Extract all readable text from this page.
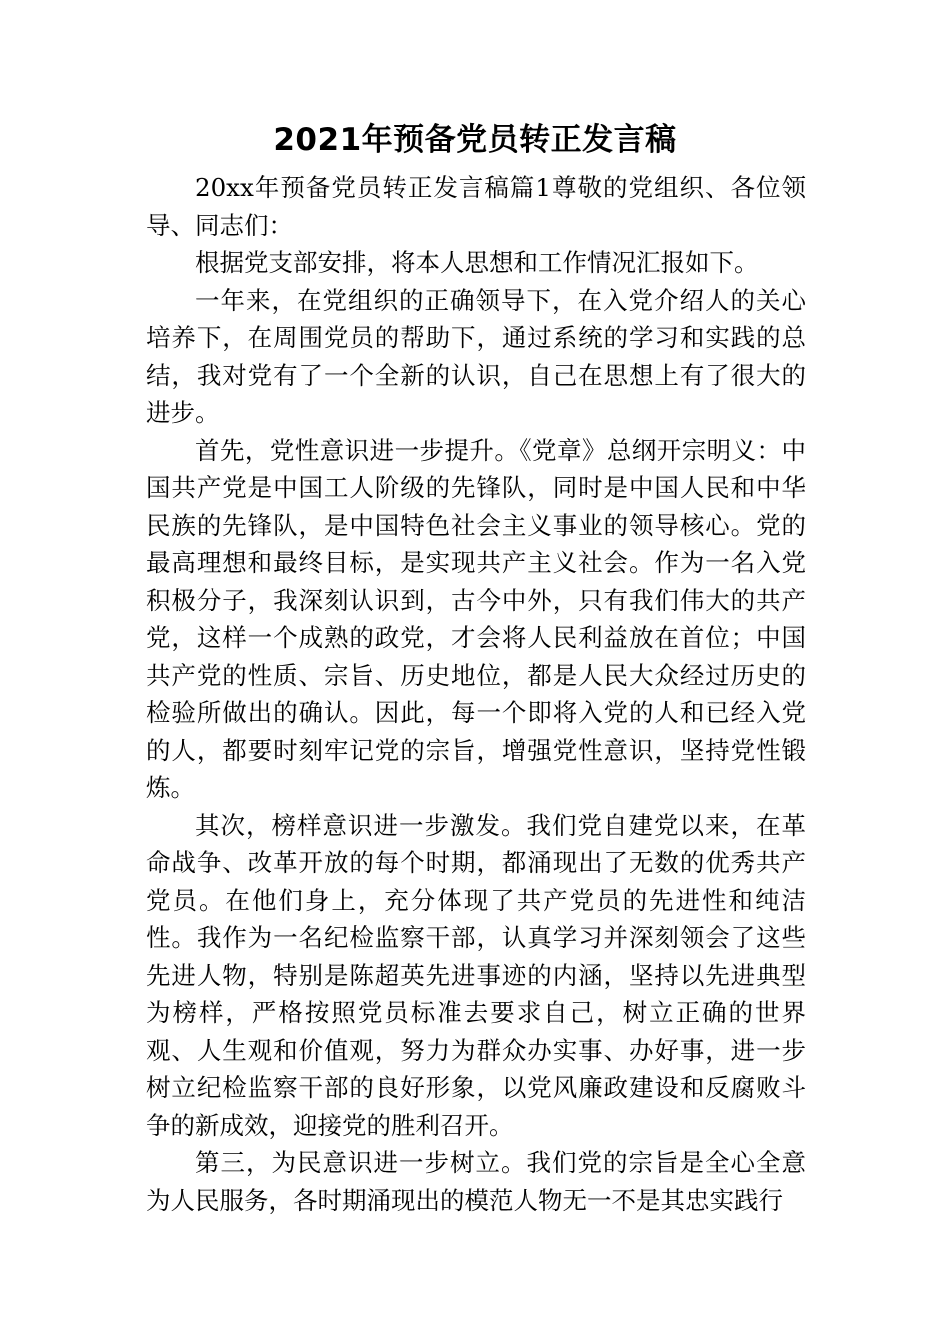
2021年预备党员转正发言稿

20xx年预备党员转正发言稿篇1尊敬的党组织、各位领导、同志们：

根据党支部安排，将本人思想和工作情况汇报如下。

一年来，在党组织的正确领导下，在入党介绍人的关心培养下，在周围党员的帮助下，通过系统的学习和实践的总结，我对党有了一个全新的认识，自己在思想上有了很大的进步。

首先，党性意识进一步提升。《党章》总纲开宗明义：中国共产党是中国工人阶级的先锋队，同时是中国人民和中华民族的先锋队，是中国特色社会主义事业的领导核心。党的最高理想和最终目标，是实现共产主义社会。作为一名入党积极分子，我深刻认识到，古今中外，只有我们伟大的共产党，这样一个成熟的政党，才会将人民利益放在首位；中国共产党的性质、宗旨、历史地位，都是人民大众经过历史的检验所做出的确认。因此，每一个即将入党的人和已经入党的人，都要时刻牢记党的宗旨，增强党性意识，坚持党性锻炼。

其次，榜样意识进一步激发。我们党自建党以来，在革命战争、改革开放的每个时期，都涌现出了无数的优秀共产党员。在他们身上，充分体现了共产党员的先进性和纯洁性。我作为一名纪检监察干部，认真学习并深刻领会了这些先进人物，特别是陈超英先进事迹的内涵，坚持以先进典型为榜样，严格按照党员标准去要求自己，树立正确的世界观、人生观和价值观，努力为群众办实事、办好事，进一步树立纪检监察干部的良好形象，以党风廉政建设和反腐败斗争的新成效，迎接党的胜利召开。

第三，为民意识进一步树立。我们党的宗旨是全心全意为人民服务，各时期涌现出的模范人物无一不是其忠实践行
